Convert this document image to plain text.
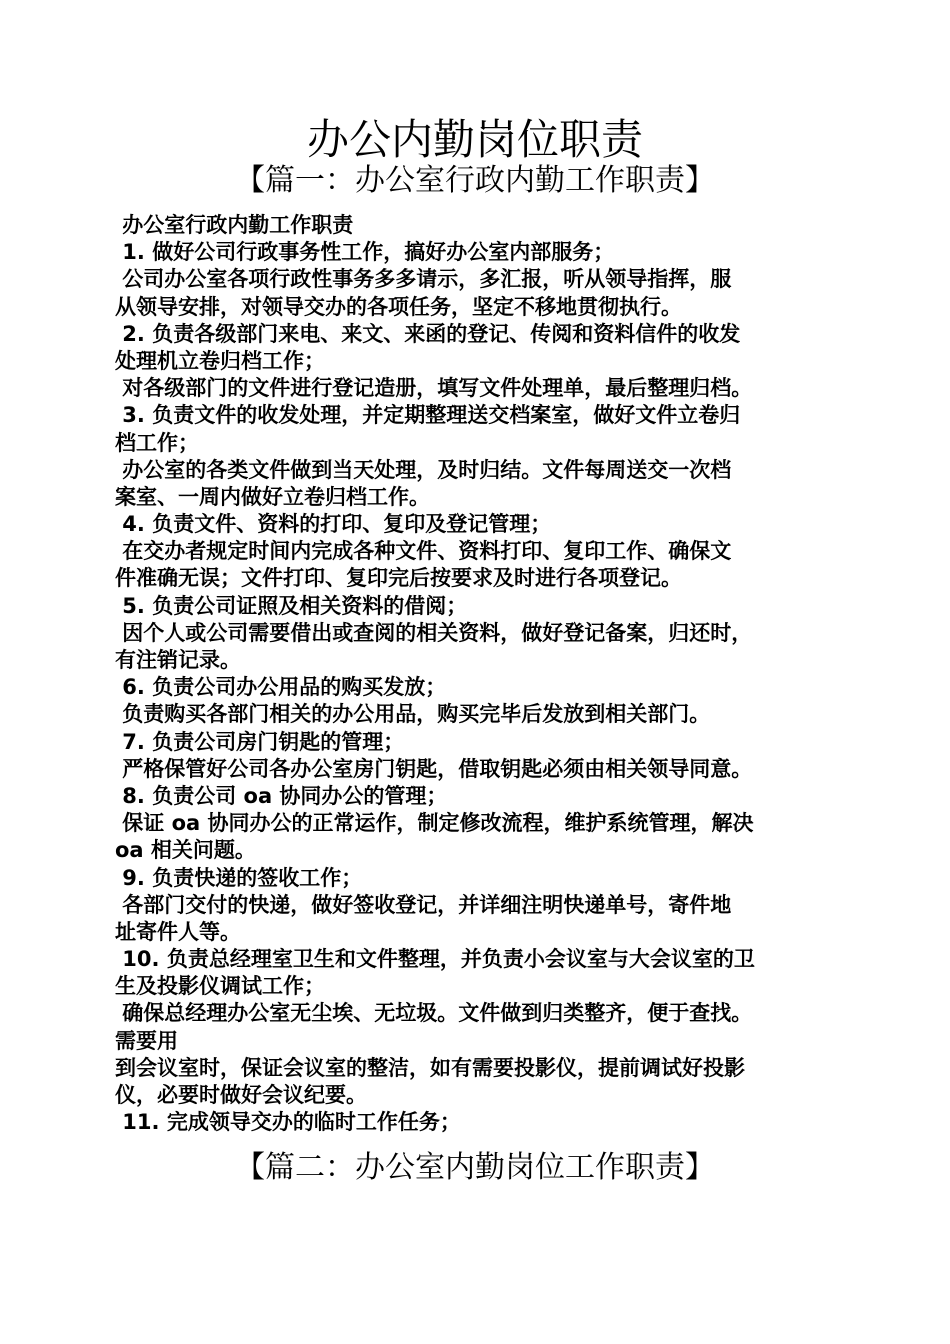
办公内勤岗位职责
【篇一：办公室行政内勤工作职责】
办公室行政内勤工作职责
1. 做好公司行政事务性工作，搞好办公室内部服务；
公司办公室各项行政性事务多多请示，多汇报，听从领导指挥，服
从领导安排，对领导交办的各项任务，坚定不移地贯彻执行。
2. 负责各级部门来电、来文、来函的登记、传阅和资料信件的收发
处理机立卷归档工作；
对各级部门的文件进行登记造册，填写文件处理单，最后整理归档。
3. 负责文件的收发处理，并定期整理送交档案室，做好文件立卷归
档工作；
办公室的各类文件做到当天处理，及时归结。文件每周送交一次档
案室、一周内做好立卷归档工作。
4. 负责文件、资料的打印、复印及登记管理；
在交办者规定时间内完成各种文件、资料打印、复印工作、确保文
件准确无误；文件打印、复印完后按要求及时进行各项登记。
5. 负责公司证照及相关资料的借阅；
因个人或公司需要借出或查阅的相关资料，做好登记备案，归还时，
有注销记录。
6. 负责公司办公用品的购买发放；
负责购买各部门相关的办公用品，购买完毕后发放到相关部门。
7. 负责公司房门钥匙的管理；
严格保管好公司各办公室房门钥匙，借取钥匙必须由相关领导同意。
8. 负责公司 oa 协同办公的管理；
保证 oa 协同办公的正常运作，制定修改流程，维护系统管理，解决
oa 相关问题。
9. 负责快递的签收工作；
各部门交付的快递，做好签收登记，并详细注明快递单号，寄件地
址寄件人等。
10. 负责总经理室卫生和文件整理，并负责小会议室与大会议室的卫
生及投影仪调试工作；
确保总经理办公室无尘埃、无垃圾。文件做到归类整齐，便于查找。
需要用
到会议室时，保证会议室的整洁，如有需要投影仪，提前调试好投影
仪，必要时做好会议纪要。
11. 完成领导交办的临时工作任务；
【篇二：办公室内勤岗位工作职责】
